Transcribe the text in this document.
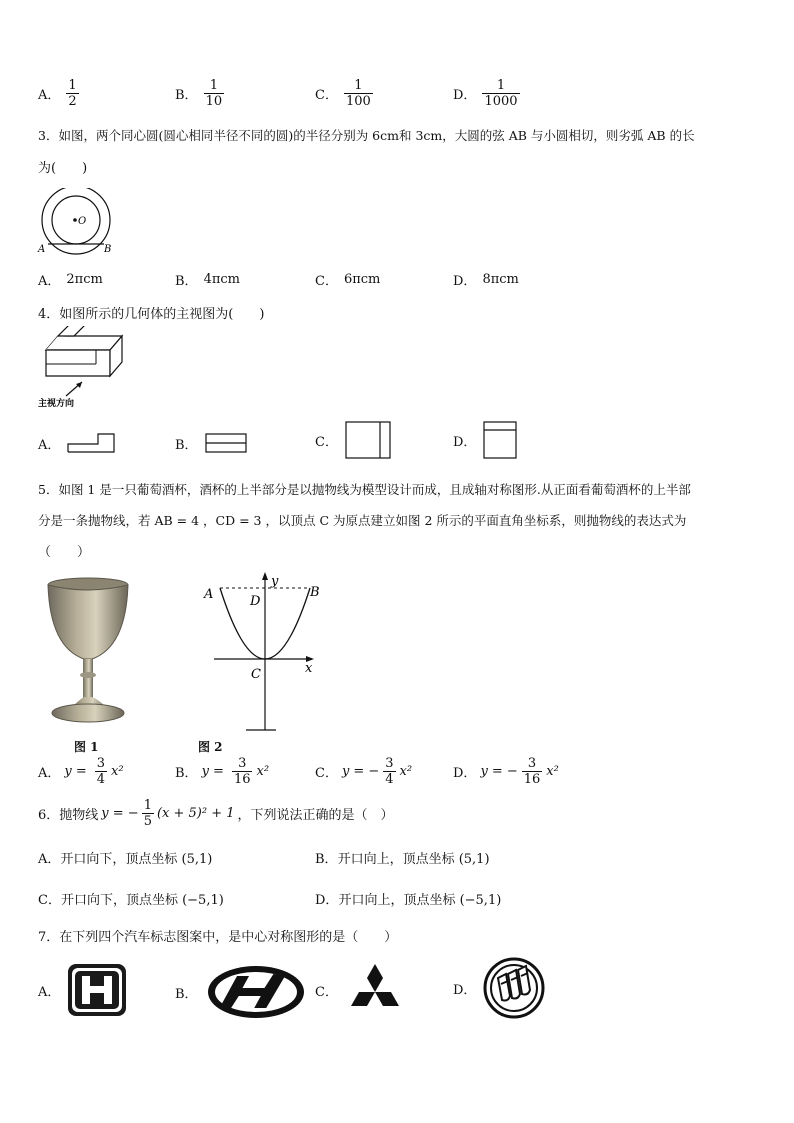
A． $\frac{1}{2}$	B． $\frac{1}{10}$	C． $\frac{1}{100}$	D． $\frac{1}{1000}$
3．如图，两个同心圆(圆心相同半径不同的圆)的半径分别为 6cm和 3cm，大圆的弦 AB 与小圆相切，则劣弧 AB 的长
为(　　)
O
A	B
A． 2πcm	B． 4πcm	C． 6πcm	D． 8πcm
4．如图所示的几何体的主视图为(　　)
主视方向
A．	B．	C．	D．
5．如图 1 是一只葡萄酒杯，酒杯的上半部分是以抛物线为模型设计而成，且成轴对称图形.从正面看葡萄酒杯的上半部
分是一条抛物线，若 AB = 4 ，CD = 3 ，以顶点 C 为原点建立如图 2 所示的平面直角坐标系，则抛物线的表达式为
（　　）
图 1
A	B
D
C	x
y
图 2
A． $y = \frac{3}{4} x^2$	B． $y = \frac{3}{16} x^2$	C． y = − $\frac{3}{4} x^2$	D． y = − $\frac{3}{16} x^2$
6．抛物线 y = − $\frac{1}{5} (x + 5)^2 + 1$ ，下列说法正确的是（　）
A．开口向下，顶点坐标 (5,1)	B．开口向上，顶点坐标 (5,1)
C．开口向下，顶点坐标 (−5,1)	D．开口向上，顶点坐标 (−5,1)
7．在下列四个汽车标志图案中，是中心对称图形的是（　　）
A．	B．	C．	D．
